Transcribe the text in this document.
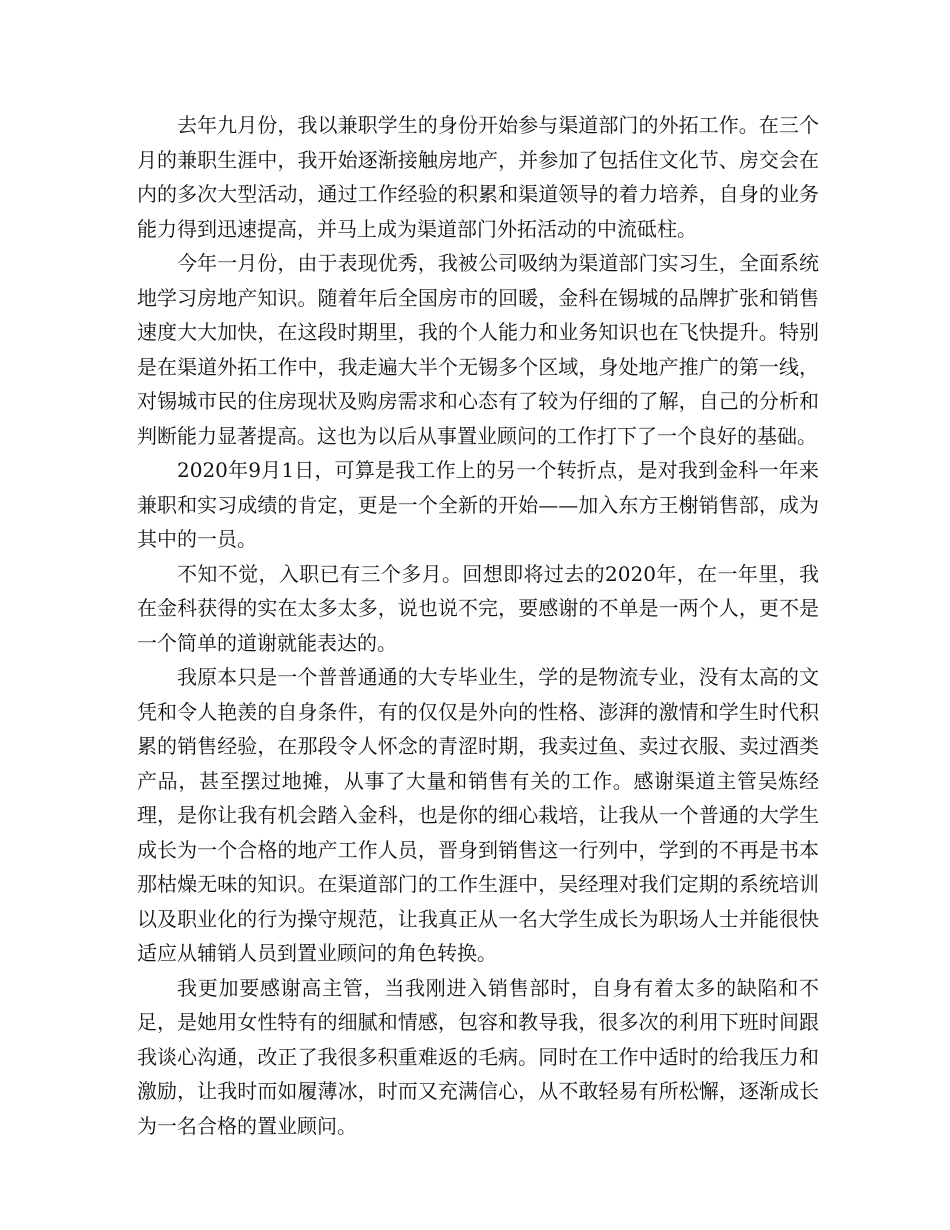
去年九月份，我以兼职学生的身份开始参与渠道部门的外拓工作。在三个月的兼职生涯中，我开始逐渐接触房地产，并参加了包括住文化节、房交会在内的多次大型活动，通过工作经验的积累和渠道领导的着力培养，自身的业务能力得到迅速提高，并马上成为渠道部门外拓活动的中流砥柱。

今年一月份，由于表现优秀，我被公司吸纳为渠道部门实习生，全面系统地学习房地产知识。随着年后全国房市的回暖，金科在锡城的品牌扩张和销售速度大大加快，在这段时期里，我的个人能力和业务知识也在飞快提升。特别是在渠道外拓工作中，我走遍大半个无锡多个区域，身处地产推广的第一线，对锡城市民的住房现状及购房需求和心态有了较为仔细的了解，自己的分析和判断能力显著提高。这也为以后从事置业顾问的工作打下了一个良好的基础。

2020年9月1日，可算是我工作上的另一个转折点，是对我到金科一年来兼职和实习成绩的肯定，更是一个全新的开始——加入东方王榭销售部，成为其中的一员。

不知不觉，入职已有三个多月。回想即将过去的2020年，在一年里，我在金科获得的实在太多太多，说也说不完，要感谢的不单是一两个人，更不是一个简单的道谢就能表达的。

我原本只是一个普普通通的大专毕业生，学的是物流专业，没有太高的文凭和令人艳羡的自身条件，有的仅仅是外向的性格、澎湃的激情和学生时代积累的销售经验，在那段令人怀念的青涩时期，我卖过鱼、卖过衣服、卖过酒类产品，甚至摆过地摊，从事了大量和销售有关的工作。感谢渠道主管吴炼经理，是你让我有机会踏入金科，也是你的细心栽培，让我从一个普通的大学生成长为一个合格的地产工作人员，晋身到销售这一行列中，学到的不再是书本那枯燥无味的知识。在渠道部门的工作生涯中，吴经理对我们定期的系统培训以及职业化的行为操守规范，让我真正从一名大学生成长为职场人士并能很快适应从辅销人员到置业顾问的角色转换。

我更加要感谢高主管，当我刚进入销售部时，自身有着太多的缺陷和不足，是她用女性特有的细腻和情感，包容和教导我，很多次的利用下班时间跟我谈心沟通，改正了我很多积重难返的毛病。同时在工作中适时的给我压力和激励，让我时而如履薄冰，时而又充满信心，从不敢轻易有所松懈，逐渐成长为一名合格的置业顾问。
